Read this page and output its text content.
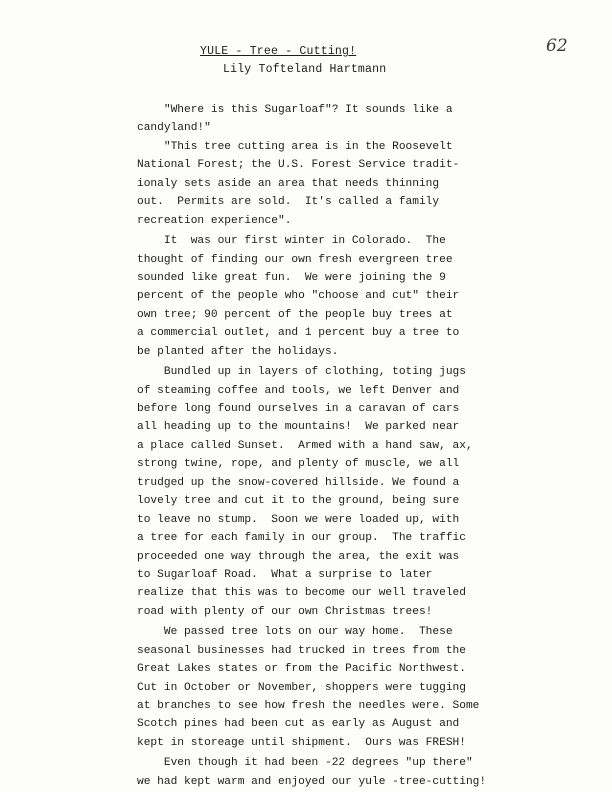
62
YULE - Tree - Cutting!
Lily Tofteland Hartmann
"Where is this Sugarloaf"? It sounds like a
candyland!"
"This tree cutting area is in the Roosevelt
National Forest; the U.S. Forest Service tradit-
ionaly sets aside an area that needs thinning
out.  Permits are sold.  It's called a family
recreation experience".
It  was our first winter in Colorado.  The
thought of finding our own fresh evergreen tree
sounded like great fun.  We were joining the 9
percent of the people who "choose and cut" their
own tree; 90 percent of the people buy trees at
a commercial outlet, and 1 percent buy a tree to
be planted after the holidays.
Bundled up in layers of clothing, toting jugs
of steaming coffee and tools, we left Denver and
before long found ourselves in a caravan of cars
all heading up to the mountains!  We parked near
a place called Sunset.  Armed with a hand saw, ax,
strong twine, rope, and plenty of muscle, we all
trudged up the snow-covered hillside. We found a
lovely tree and cut it to the ground, being sure
to leave no stump.  Soon we were loaded up, with
a tree for each family in our group.  The traffic
proceeded one way through the area, the exit was
to Sugarloaf Road.  What a surprise to later
realize that this was to become our well traveled
road with plenty of our own Christmas trees!
We passed tree lots on our way home.  These
seasonal businesses had trucked in trees from the
Great Lakes states or from the Pacific Northwest.
Cut in October or November, shoppers were tugging
at branches to see how fresh the needles were. Some
Scotch pines had been cut as early as August and
kept in storeage until shipment.  Ours was FRESH!
Even though it had been -22 degrees "up there"
we had kept warm and enjoyed our yule -tree-cutting!
